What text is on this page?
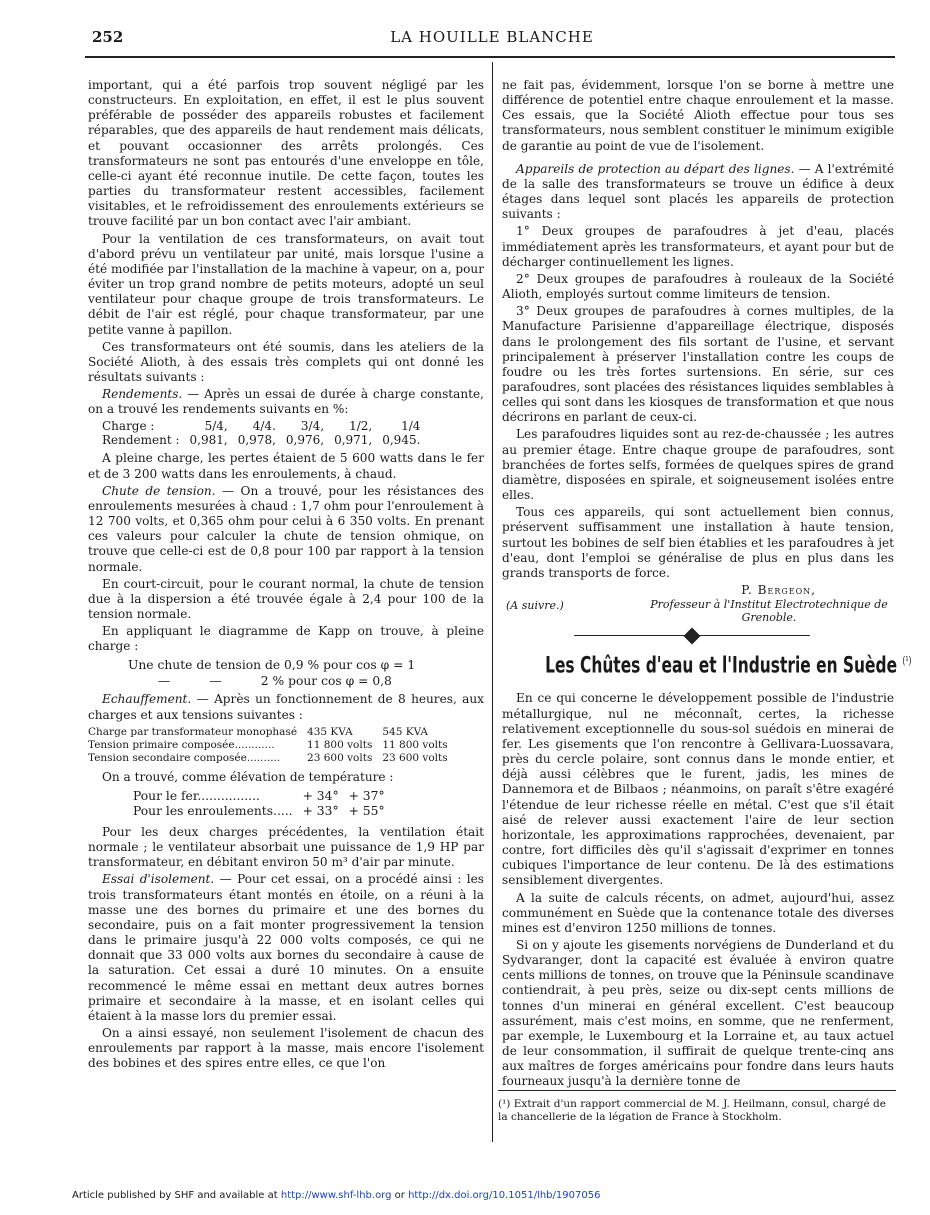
252	LA HOUILLE BLANCHE

important, qui a été parfois trop souvent négligé par les constructeurs. En exploitation, en effet, il est le plus souvent préférable de posséder des appareils robustes et facilement réparables, que des appareils de haut rendement mais délicats, et pouvant occasionner des arrêts prolongés. Ces transformateurs ne sont pas entourés d'une enveloppe en tôle, celle-ci ayant été reconnue inutile. De cette façon, toutes les parties du transformateur restent accessibles, facilement visitables, et le refroidissement des enroulements extérieurs se trouve facilité par un bon contact avec l'air ambiant.

Pour la ventilation de ces transformateurs, on avait tout d'abord prévu un ventilateur par unité, mais lorsque l'usine a été modifiée par l'installation de la machine à vapeur, on a, pour éviter un trop grand nombre de petits moteurs, adopté un seul ventilateur pour chaque groupe de trois transformateurs. Le débit de l'air est réglé, pour chaque transformateur, par une petite vanne à papillon.

Ces transformateurs ont été soumis, dans les ateliers de la Société Alioth, à des essais très complets qui ont donné les résultats suivants :

Rendements. — Après un essai de durée à charge constante, on a trouvé les rendements suivants en %:

Charge :	5/4,	4/4.	3/4,	1/2,	1/4
Rendement :	0,981,	0,978,	0,976,	0,971,	0,945.

A pleine charge, les pertes étaient de 5 600 watts dans le fer et de 3 200 watts dans les enroulements, à chaud.

Chute de tension. — On a trouvé, pour les résistances des enroulements mesurées à chaud : 1,7 ohm pour l'enroulement à 12 700 volts, et 0,365 ohm pour celui à 6 350 volts. En prenant ces valeurs pour calculer la chute de tension ohmique, on trouve que celle-ci est de 0,8 pour 100 par rapport à la tension normale.

En court-circuit, pour le courant normal, la chute de tension due à la dispersion a été trouvée égale à 2,4 pour 100 de la tension normale.

En appliquant le diagramme de Kapp on trouve, à pleine charge :

Une chute de tension de 0,9 % pour cos φ = 1
—          —          2 % pour cos φ = 0,8

Echauffement. — Après un fonctionnement de 8 heures, aux charges et aux tensions suivantes :

Charge par transformateur monophasé	435 KVA	545 KVA
Tension primaire composée............	11 800 volts	11 800 volts
Tension secondaire composée..........	23 600 volts	23 600 volts

On a trouvé, comme élévation de température :

Pour le fer................	+ 34°	+ 37°
Pour les enroulements.....	+ 33°	+ 55°

Pour les deux charges précédentes, la ventilation était normale ; le ventilateur absorbait une puissance de 1,9 HP par transformateur, en débitant environ 50 m³ d'air par minute.

Essai d'isolement. — Pour cet essai, on a procédé ainsi : les trois transformateurs étant montés en étoile, on a réuni à la masse une des bornes du primaire et une des bornes du secondaire, puis on a fait monter progressivement la tension dans le primaire jusqu'à 22 000 volts composés, ce qui ne donnait que 33 000 volts aux bornes du secondaire à cause de la saturation. Cet essai a duré 10 minutes. On a ensuite recommencé le même essai en mettant deux autres bornes primaire et secondaire à la masse, et en isolant celles qui étaient à la masse lors du premier essai.

On a ainsi essayé, non seulement l'isolement de chacun des enroulements par rapport à la masse, mais encore l'isolement des bobines et des spires entre elles, ce que l'on

ne fait pas, évidemment, lorsque l'on se borne à mettre une différence de potentiel entre chaque enroulement et la masse. Ces essais, que la Société Alioth effectue pour tous ses transformateurs, nous semblent constituer le minimum exigible de garantie au point de vue de l'isolement.

Appareils de protection au départ des lignes. — A l'extrémité de la salle des transformateurs se trouve un édifice à deux étages dans lequel sont placés les appareils de protection suivants :

1° Deux groupes de parafoudres à jet d'eau, placés immédiatement après les transformateurs, et ayant pour but de décharger continuellement les lignes.

2° Deux groupes de parafoudres à rouleaux de la Société Alioth, employés surtout comme limiteurs de tension.

3° Deux groupes de parafoudres à cornes multiples, de la Manufacture Parisienne d'appareillage électrique, disposés dans le prolongement des fils sortant de l'usine, et servant principalement à préserver l'installation contre les coups de foudre ou les très fortes surtensions. En série, sur ces parafoudres, sont placées des résistances liquides semblables à celles qui sont dans les kiosques de transformation et que nous décrirons en parlant de ceux-ci.

Les parafoudres liquides sont au rez-de-chaussée ; les autres au premier étage. Entre chaque groupe de parafoudres, sont branchées de fortes selfs, formées de quelques spires de grand diamètre, disposées en spirale, et soigneusement isolées entre elles.

Tous ces appareils, qui sont actuellement bien connus, préservent suffisamment une installation à haute tension, surtout les bobines de self bien établies et les parafoudres à jet d'eau, dont l'emploi se généralise de plus en plus dans les grands transports de force.

P. Bergeon,
(A suivre.)	Professeur à l'Institut Electrotechnique de Grenoble.
Les Chûtes d'eau et l'Industrie en Suède $^{(^1)}$

En ce qui concerne le développement possible de l'industrie métallurgique, nul ne méconnaît, certes, la richesse relativement exceptionnelle du sous-sol suédois en minerai de fer. Les gisements que l'on rencontre à Gellivara-Luossavara, près du cercle polaire, sont connus dans le monde entier, et déjà aussi célèbres que le furent, jadis, les mines de Dannemora et de Bilbaos ; néanmoins, on paraît s'être exagéré l'étendue de leur richesse réelle en métal. C'est que s'il était aisé de relever aussi exactement l'aire de leur section horizontale, les approximations rapprochées, devenaient, par contre, fort difficiles dès qu'il s'agissait d'exprimer en tonnes cubiques l'importance de leur contenu. De là des estimations sensiblement divergentes.

A la suite de calculs récents, on admet, aujourd'hui, assez communément en Suède que la contenance totale des diverses mines est d'environ 1250 millions de tonnes.

Si on y ajoute les gisements norvégiens de Dunderland et du Sydvaranger, dont la capacité est évaluée à environ quatre cents millions de tonnes, on trouve que la Péninsule scandinave contiendrait, à peu près, seize ou dix-sept cents millions de tonnes d'un minerai en général excellent. C'est beaucoup assurément, mais c'est moins, en somme, que ne renferment, par exemple, le Luxembourg et la Lorraine et, au taux actuel de leur consommation, il suffirait de quelque trente-cinq ans aux maîtres de forges américains pour fondre dans leurs hauts fourneaux jusqu'à la dernière tonne de

(¹) Extrait d'un rapport commercial de M. J. Heilmann, consul, chargé de la chancellerie de la légation de France à Stockholm.
Article published by SHF and available at http://www.shf-lhb.org or http://dx.doi.org/10.1051/lhb/1907056
